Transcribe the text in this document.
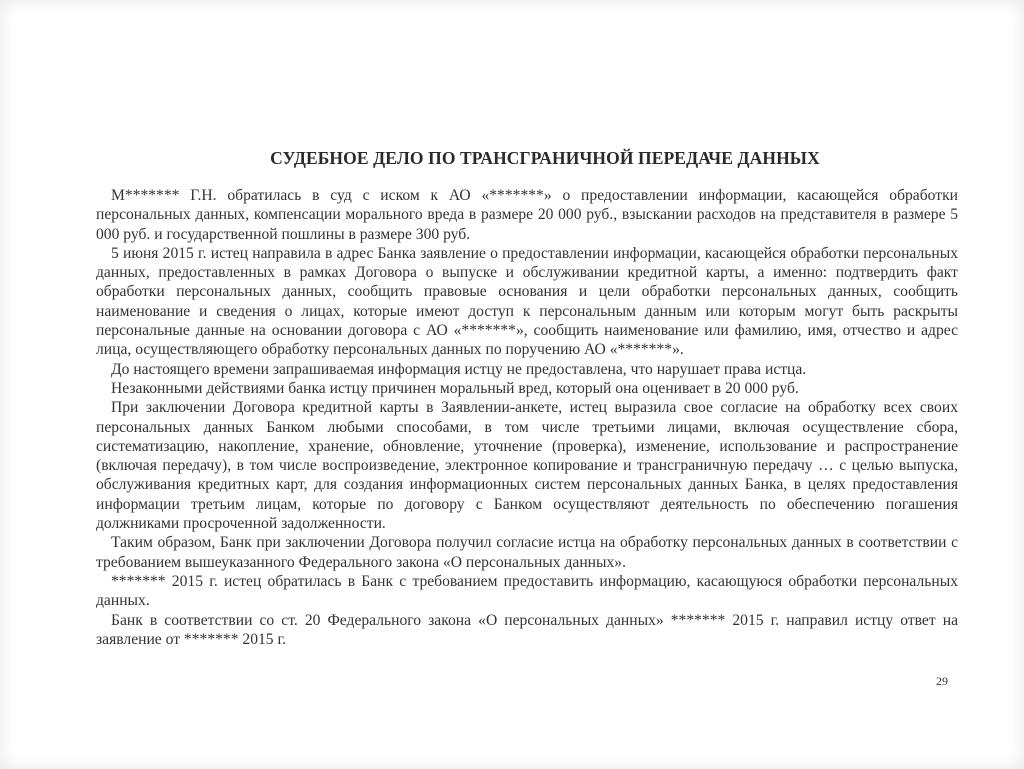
СУДЕБНОЕ ДЕЛО ПО ТРАНСГРАНИЧНОЙ ПЕРЕДАЧЕ ДАННЫХ

М******* Г.Н. обратилась в суд с иском к АО «*******» о предоставлении информации, касающейся обработки персональных данных, компенсации морального вреда в размере 20 000 руб., взыскании расходов на представителя в размере 5 000 руб. и государственной пошлины в размере 300 руб.

5 июня 2015 г. истец направила в адрес Банка заявление о предоставлении информации, касающейся обработки персональных данных, предоставленных в рамках Договора о выпуске и обслуживании кредитной карты, а именно: подтвердить факт обработки персональных данных, сообщить правовые основания и цели обработки персональных данных, сообщить наименование и сведения о лицах, которые имеют доступ к персональным данным или которым могут быть раскрыты персональные данные на основании договора с АО «*******», сообщить наименование или фамилию, имя, отчество и адрес лица, осуществляющего обработку персональных данных по поручению АО «*******».

До настоящего времени запрашиваемая информация истцу не предоставлена, что нарушает права истца.

Незаконными действиями банка истцу причинен моральный вред, который она оценивает в 20 000 руб.

При заключении Договора кредитной карты в Заявлении-анкете, истец выразила свое согласие на обработку всех своих персональных данных Банком любыми способами, в том числе третьими лицами, включая осуществление сбора, систематизацию, накопление, хранение, обновление, уточнение (проверка), изменение, использование и распространение (включая передачу), в том числе воспроизведение, электронное копирование и трансграничную передачу … с целью выпуска, обслуживания кредитных карт, для создания информационных систем персональных данных Банка, в целях предоставления информации третьим лицам, которые по договору с Банком осуществляют деятельность по обеспечению погашения должниками просроченной задолженности.

Таким образом, Банк при заключении Договора получил согласие истца на обработку персональных данных в соответствии с требованием вышеуказанного Федерального закона «О персональных данных».

******* 2015 г. истец обратилась в Банк с требованием предоставить информацию, касающуюся обработки персональных данных.

Банк в соответствии со ст. 20 Федерального закона «О персональных данных» ******* 2015 г. направил истцу ответ на заявление от ******* 2015 г.

29
